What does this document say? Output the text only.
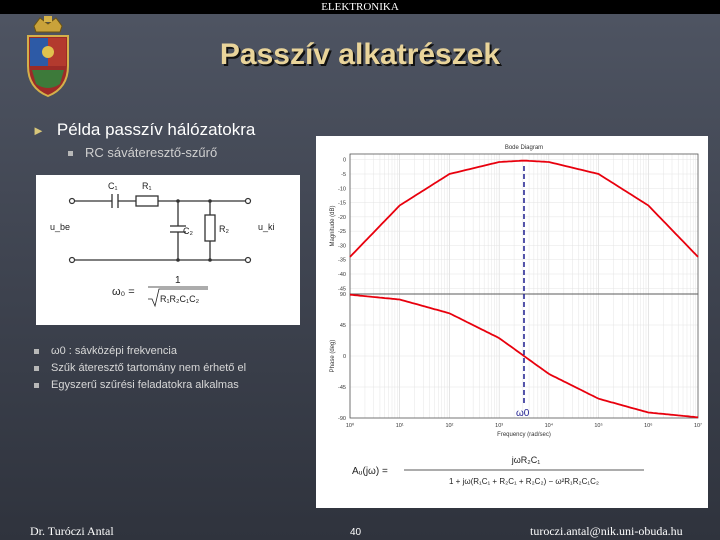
ELEKTRONIKA
Passzív alkatrészek
► Példa passzív hálózatokra
RC sáváteresztő-szűrő
C₁	R₁
C₂	R₂
u_be	u_ki
ω₀ =
1
R₁R₂C₁C₂
ω0 : sávközépi frekvencia
Szűk áteresztő tartomány nem érhető el
Egyszerű szűrési feladatokra alkalmas
Bode Diagram
Magnitude (dB)
Phase (deg)
Frequency (rad/sec)
10⁰	10¹	10²	10³	10⁴	10⁵	10⁶	10⁷
0
-5
-10
-15
-20
-25
-30
-35
-40
-45
90
45
0
-45
-90	ω0
Aᵤ(jω) =
jωR₂C₁
1 + jω(R₁C₁ + R₂C₁ + R₂C₂) − ω²R₁R₂C₁C₂
Dr. Turóczi Antal	40	turoczi.antal@nik.uni-obuda.hu
